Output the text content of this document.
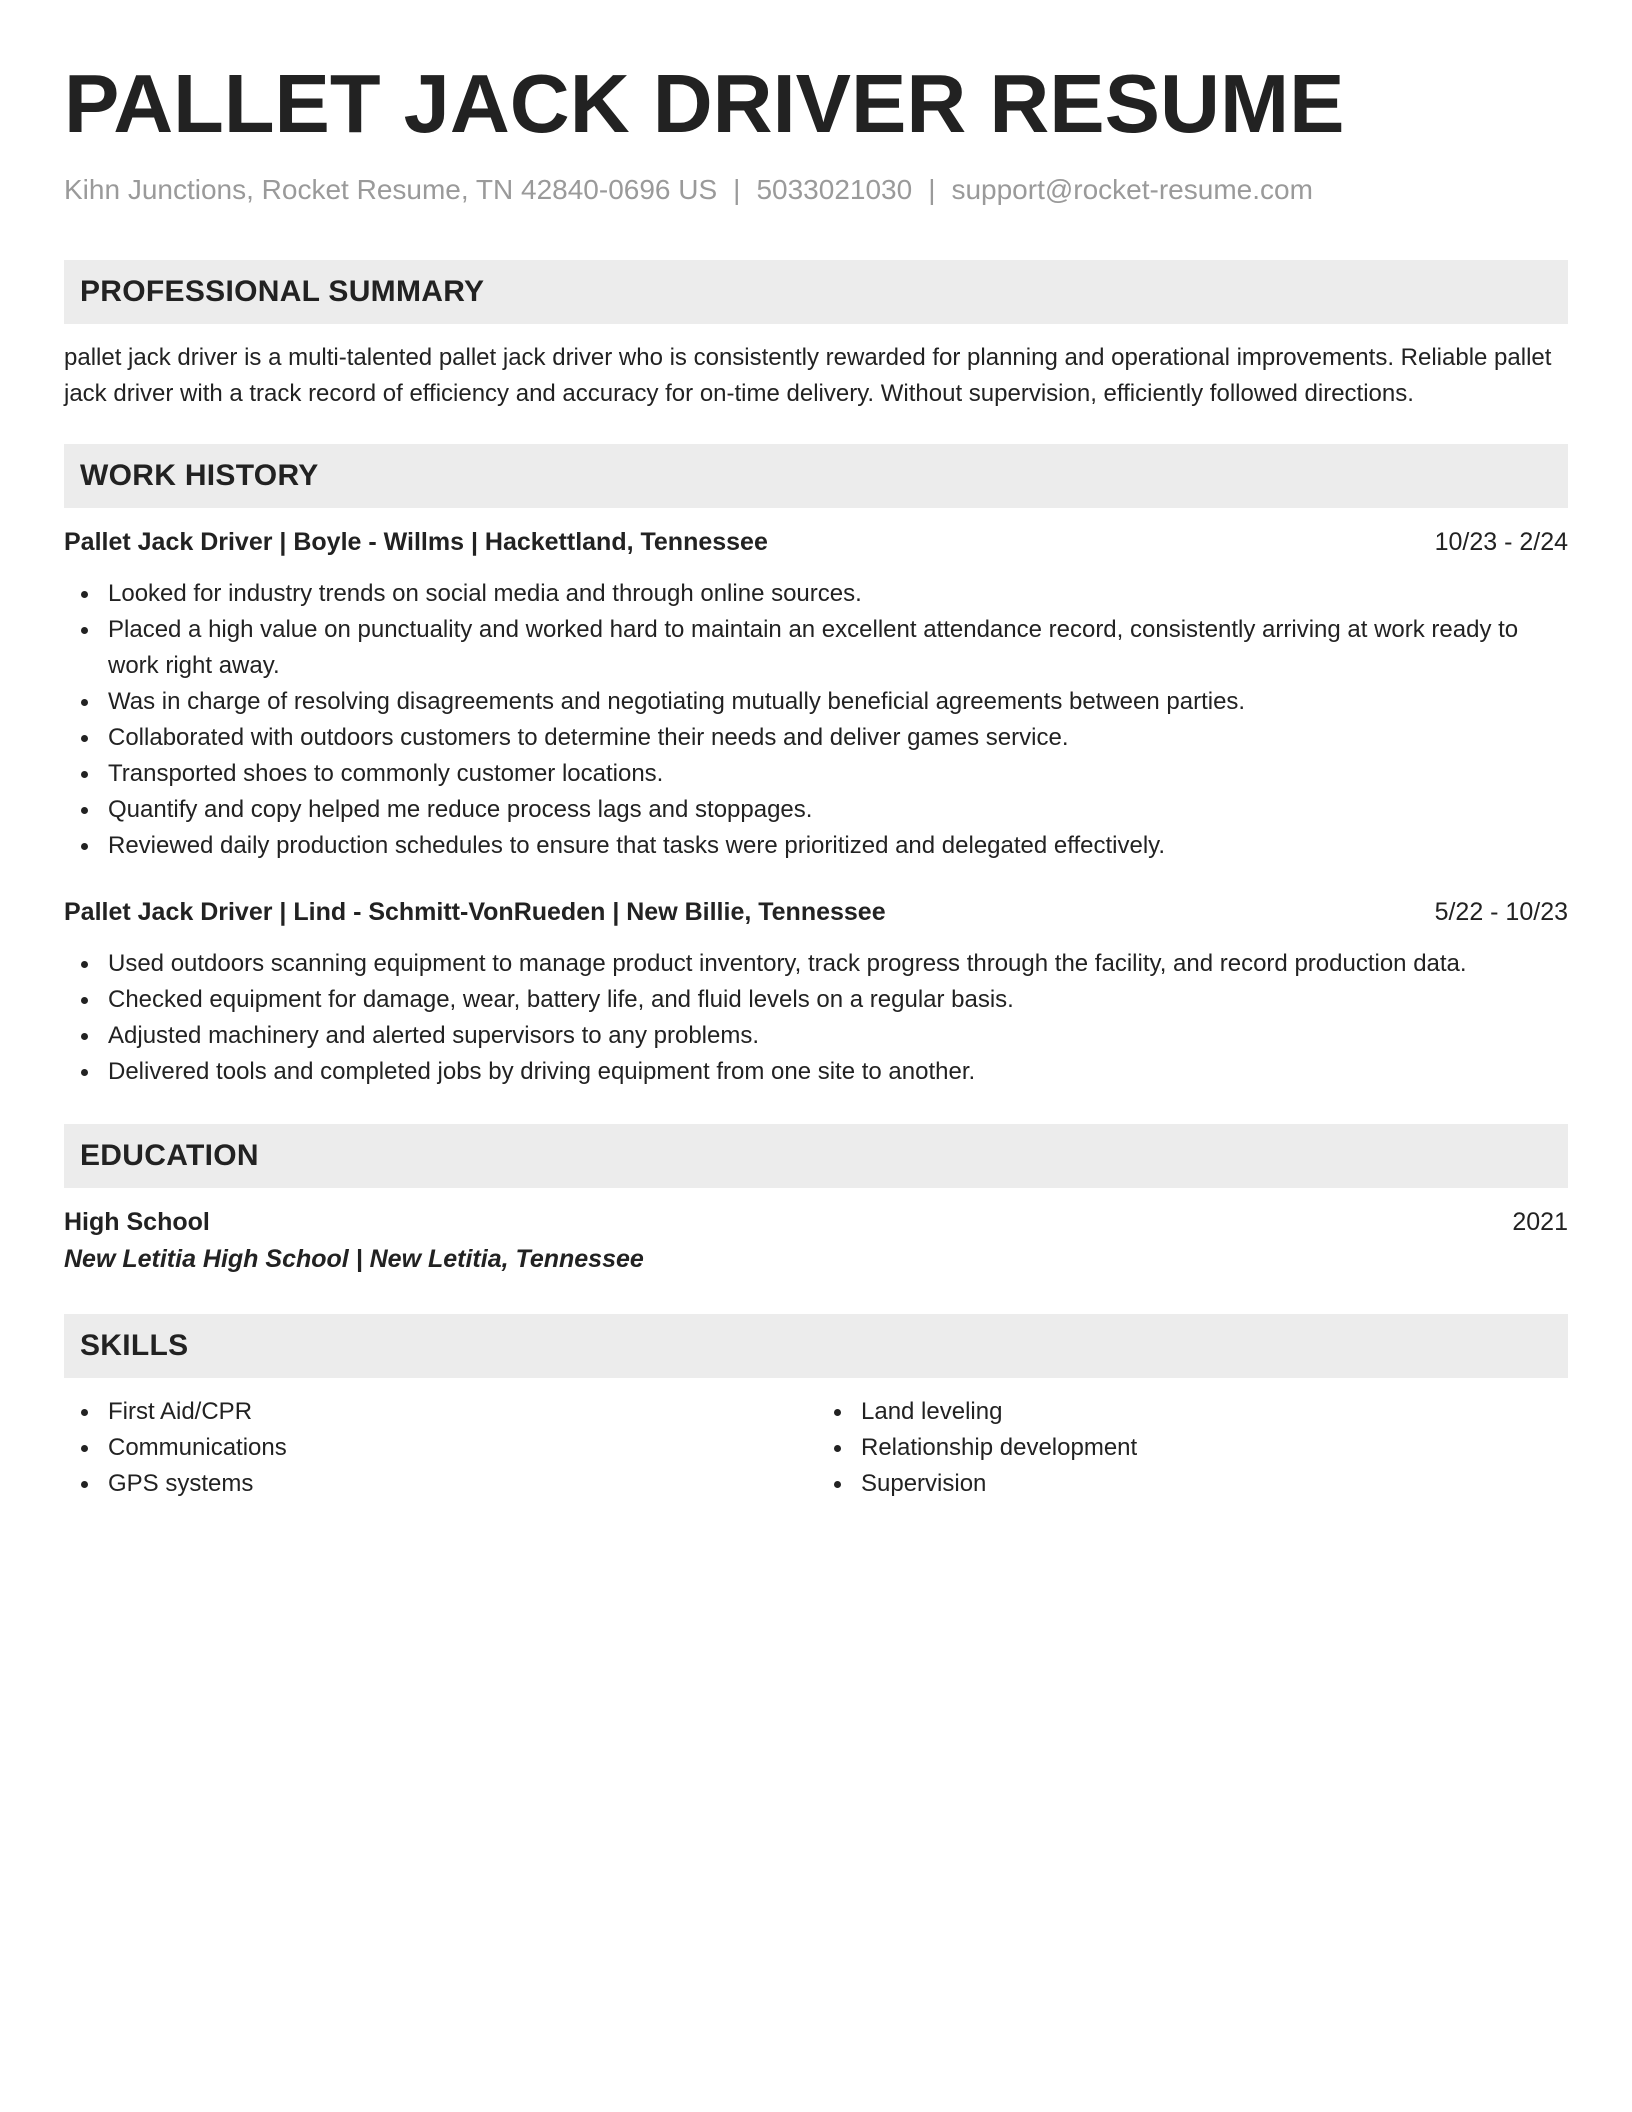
PALLET JACK DRIVER RESUME
Kihn Junctions, Rocket Resume, TN 42840-0696 US | 5033021030 | support@rocket-resume.com
PROFESSIONAL SUMMARY
pallet jack driver is a multi-talented pallet jack driver who is consistently rewarded for planning and operational improvements. Reliable pallet jack driver with a track record of efficiency and accuracy for on-time delivery. Without supervision, efficiently followed directions.
WORK HISTORY
Pallet Jack Driver | Boyle - Willms | Hackettland, Tennessee	10/23 - 2/24
Looked for industry trends on social media and through online sources.
Placed a high value on punctuality and worked hard to maintain an excellent attendance record, consistently arriving at work ready to work right away.
Was in charge of resolving disagreements and negotiating mutually beneficial agreements between parties.
Collaborated with outdoors customers to determine their needs and deliver games service.
Transported shoes to commonly customer locations.
Quantify and copy helped me reduce process lags and stoppages.
Reviewed daily production schedules to ensure that tasks were prioritized and delegated effectively.
Pallet Jack Driver | Lind - Schmitt-VonRueden | New Billie, Tennessee	5/22 - 10/23
Used outdoors scanning equipment to manage product inventory, track progress through the facility, and record production data.
Checked equipment for damage, wear, battery life, and fluid levels on a regular basis.
Adjusted machinery and alerted supervisors to any problems.
Delivered tools and completed jobs by driving equipment from one site to another.
EDUCATION
High School	2021
New Letitia High School | New Letitia, Tennessee
SKILLS
First Aid/CPR
Communications
GPS systems
Land leveling
Relationship development
Supervision
